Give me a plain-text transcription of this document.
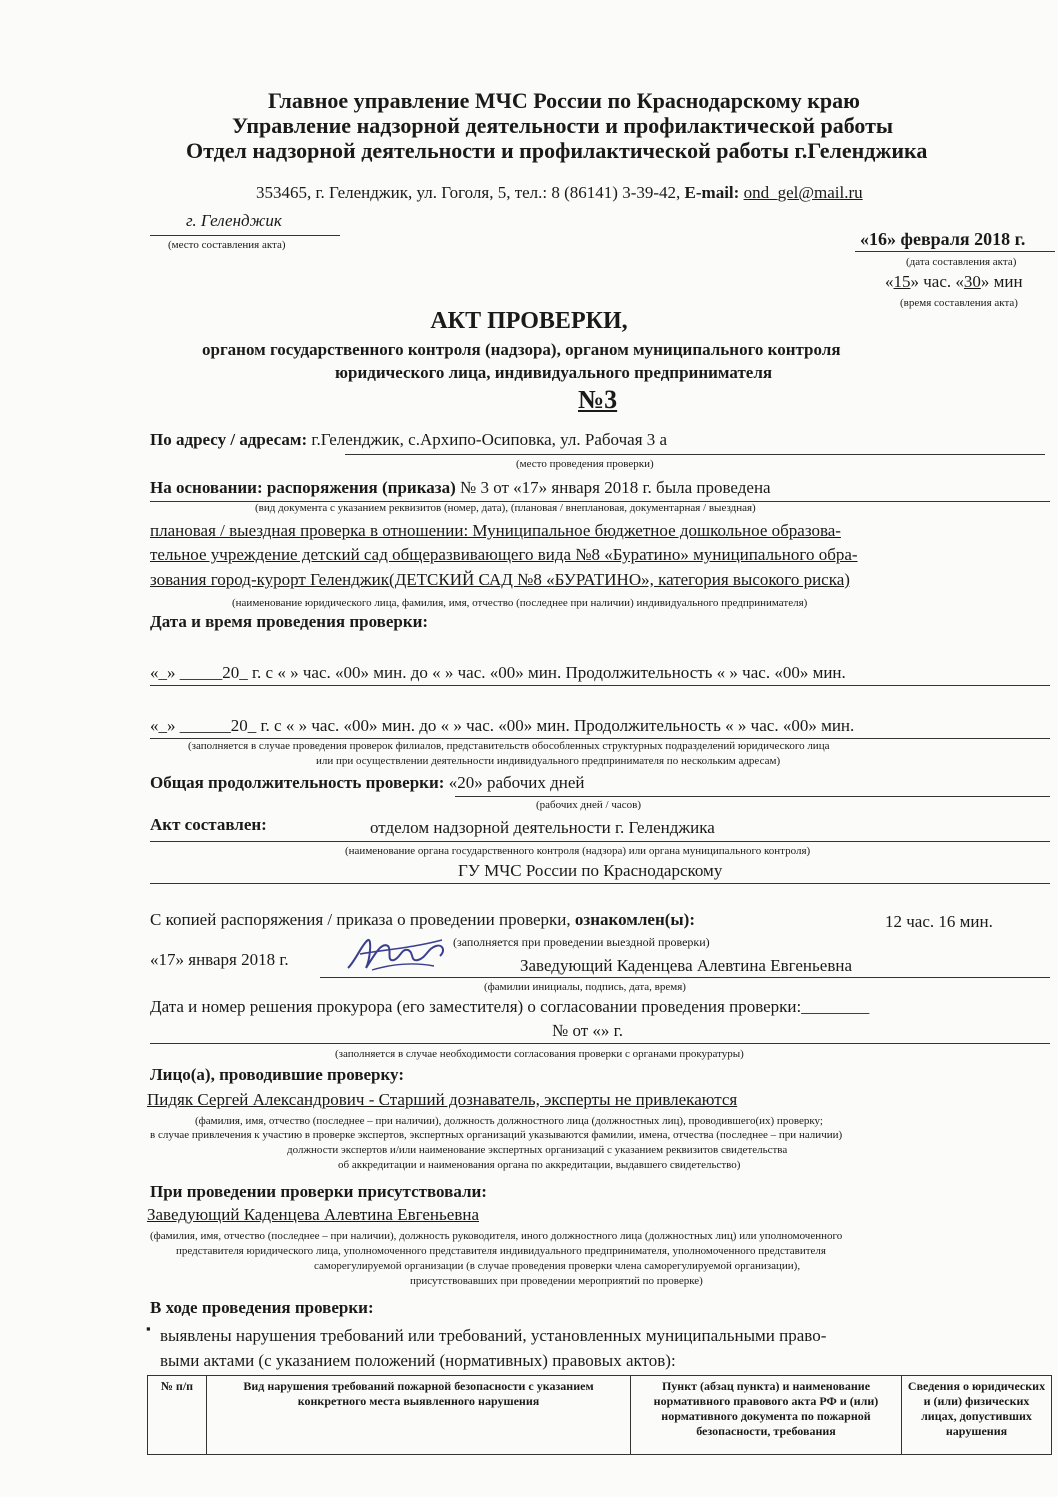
Главное управление МЧС России по Краснодарскому краю
Управление надзорной деятельности и профилактической работы
Отдел надзорной деятельности и профилактической работы г.Геленджика
353465, г. Геленджик, ул. Гоголя, 5, тел.: 8 (86141) 3-39-42, E-mail: ond_gel@mail.ru
г. Геленджик
(место составления акта)	«16» февраля 2018 г.
(дата составления акта)
«15» час. «30» мин
(время составления акта)
АКТ ПРОВЕРКИ,
органом государственного контроля (надзора), органом муниципального контроля
юридического лица, индивидуального предпринимателя
№3
По адресу / адресам: г.Геленджик, с.Архипо-Осиповка, ул. Рабочая 3 а
(место проведения проверки)
На основании: распоряжения (приказа) № 3 от «17» января 2018 г. была проведена
(вид документа с указанием реквизитов (номер, дата), (плановая / внеплановая, документарная / выездная)
плановая / выездная проверка в отношении: Муниципальное бюджетное дошкольное образова-
тельное учреждение детский сад общеразвивающего вида №8 «Буратино» муниципального обра-
зования город-курорт Геленджик(ДЕТСКИЙ САД №8 «БУРАТИНО», категория высокого риска)
(наименование юридического лица, фамилия, имя, отчество (последнее при наличии) индивидуального предпринимателя)
Дата и время проведения проверки:
«_» _____20_ г. с « » час. «00» мин. до « » час. «00» мин. Продолжительность « » час. «00» мин.
«_» ______20_ г. с « » час. «00» мин. до « » час. «00» мин. Продолжительность « » час. «00» мин.
(заполняется в случае проведения проверок филиалов, представительств обособленных структурных подразделений юридического лица
или при осуществлении деятельности индивидуального предпринимателя по нескольким адресам)
Общая продолжительность проверки: «20» рабочих дней
(рабочих дней / часов)
Акт составлен:	отделом надзорной деятельности г. Геленджика
(наименование органа государственного контроля (надзора) или органа муниципального контроля)
ГУ МЧС России по Краснодарскому
С копией распоряжения / приказа о проведении проверки, ознакомлен(ы):	12 час. 16 мин.
«17» января 2018 г.
(заполняется при проведении выездной проверки)
Заведующий Каденцева Алевтина Евгеньевна
(фамилии инициалы, подпись, дата, время)
Дата и номер решения прокурора (его заместителя) о согласовании проведения проверки:________
№ от «» г.
(заполняется в случае необходимости согласования проверки с органами прокуратуры)
Лицо(а), проводившие проверку:
Пидяк Сергей Александрович - Старший дознаватель, эксперты не привлекаются
(фамилия, имя, отчество (последнее – при наличии), должность должностного лица (должностных лиц), проводившего(их) проверку;
в случае привлечения к участию в проверке экспертов, экспертных организаций указываются фамилии, имена, отчества (последнее – при наличии)
должности экспертов и/или наименование экспертных организаций с указанием реквизитов свидетельства
об аккредитации и наименования органа по аккредитации, выдавшего свидетельство)
При проведении проверки присутствовали:
Заведующий Каденцева Алевтина Евгеньевна
(фамилия, имя, отчество (последнее – при наличии), должность руководителя, иного должностного лица (должностных лиц) или уполномоченного
представителя юридического лица, уполномоченного представителя индивидуального предпринимателя, уполномоченного представителя
саморегулируемой организации (в случае проведения проверки члена саморегулируемой организации),
присутствовавших при проведении мероприятий по проверке)
В ходе проведения проверки:
▪ выявлены нарушения требований или требований, установленных муниципальными право-
выми актами (с указанием положений (нормативных) правовых актов):
№ п/п	Вид нарушения требований пожарной безопасности с указанием конкретного места выявленного нарушения	Пункт (абзац пункта) и наименование нормативного правового акта РФ и (или) нормативного документа по пожарной безопасности, требования	Сведения о юридических и (или) физических лицах, допустивших нарушения
